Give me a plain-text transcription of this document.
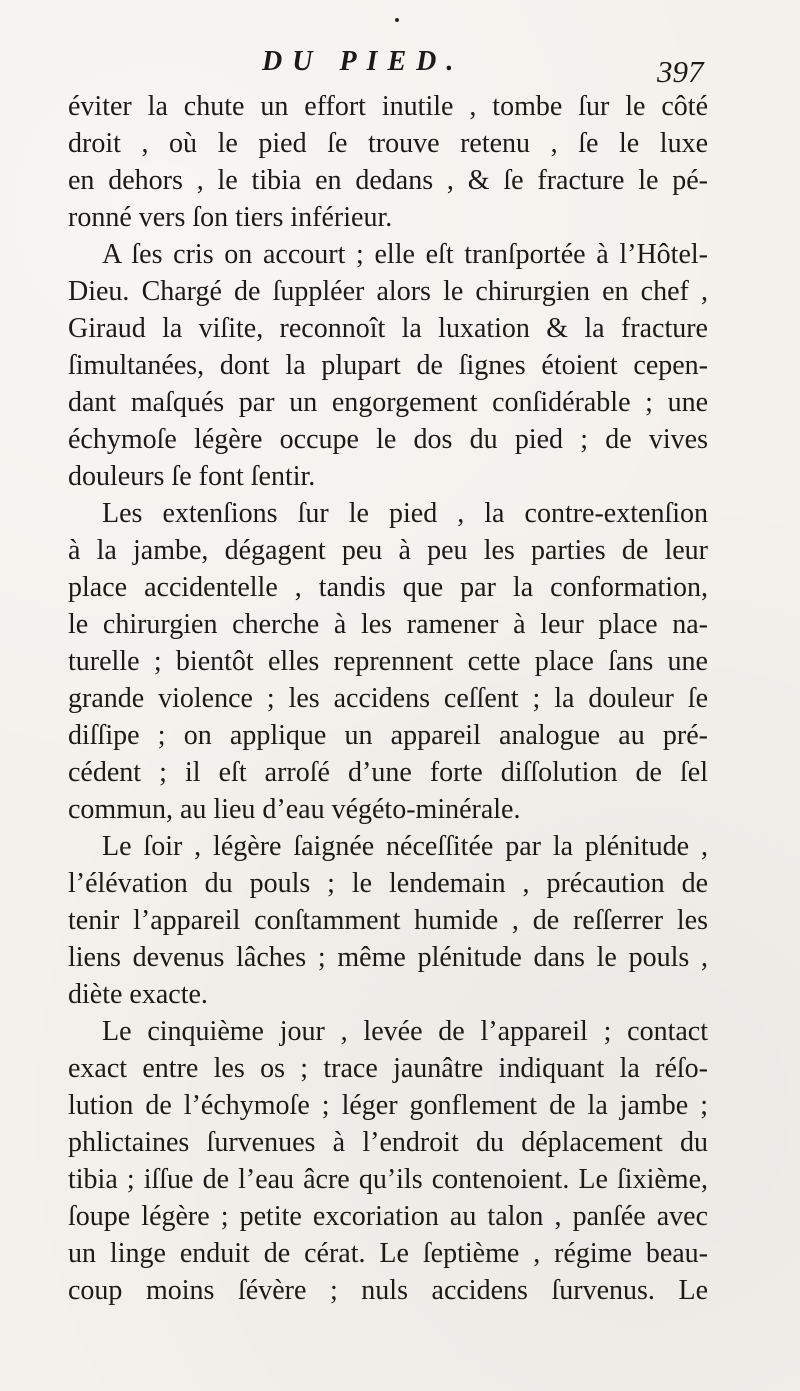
DU PIED.	397
éviter la chute un effort inutile , tombe ſur le côté
droit , où le pied ſe trouve retenu , ſe le luxe
en dehors , le tibia en dedans , & ſe fracture le pé-
ronné vers ſon tiers inférieur.
A ſes cris on accourt ; elle eſt tranſportée à l’Hôtel-
Dieu. Chargé de ſuppléer alors le chirurgien en chef ,
Giraud la viſite, reconnoît la luxation & la fracture
ſimultanées, dont la plupart de ſignes étoient cepen-
dant maſqués par un engorgement conſidérable ; une
échymoſe légère occupe le dos du pied ; de vives
douleurs ſe font ſentir.
Les extenſions ſur le pied , la contre-extenſion
à la jambe, dégagent peu à peu les parties de leur
place accidentelle , tandis que par la conformation,
le chirurgien cherche à les ramener à leur place na-
turelle ; bientôt elles reprennent cette place ſans une
grande violence ; les accidens ceſſent ; la douleur ſe
diſſipe ; on applique un appareil analogue au pré-
cédent ; il eſt arroſé d’une forte diſſolution de ſel
commun, au lieu d’eau végéto-minérale.
Le ſoir , légère ſaignée néceſſitée par la plénitude ,
l’élévation du pouls ; le lendemain , précaution de
tenir l’appareil conſtamment humide , de reſſerrer les
liens devenus lâches ; même plénitude dans le pouls ,
diète exacte.
Le cinquième jour , levée de l’appareil ; contact
exact entre les os ; trace jaunâtre indiquant la réſo-
lution de l’échymoſe ; léger gonflement de la jambe ;
phlictaines ſurvenues à l’endroit du déplacement du
tibia ; iſſue de l’eau âcre qu’ils contenoient. Le ſixième,
ſoupe légère ; petite excoriation au talon , panſée avec
un linge enduit de cérat. Le ſeptième , régime beau-
coup moins ſévère ; nuls accidens ſurvenus. Le
